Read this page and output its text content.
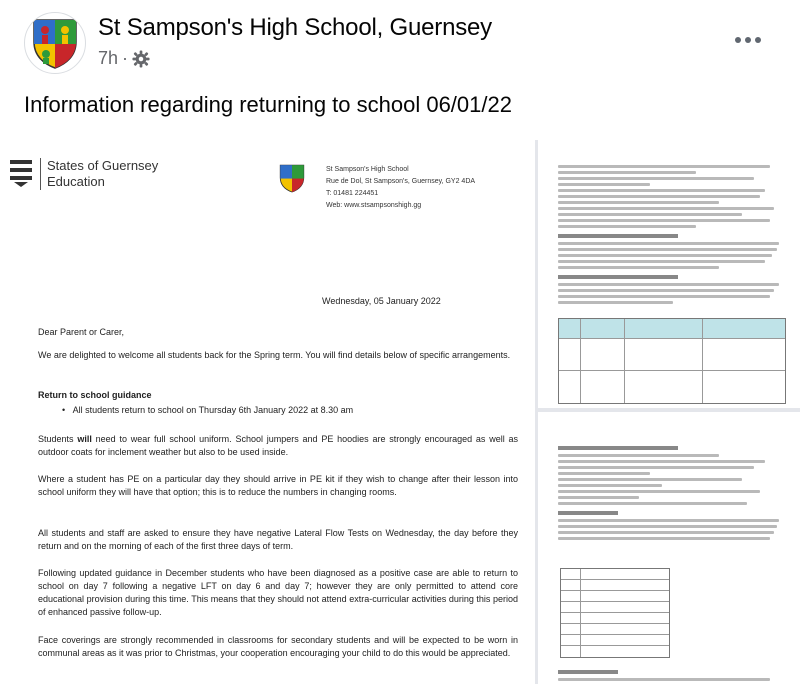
St Sampson's High School, Guernsey
7h ·
Information regarding returning to school 06/01/22
States of Guernsey
Education
St Sampson's High School
Rue de Dol, St Sampson's, Guernsey, GY2 4DA
T: 01481 224451
Web: www.stsampsonshigh.gg
Wednesday, 05 January 2022
Dear Parent or Carer,
We are delighted to welcome all students back for the Spring term. You will find details below of specific arrangements.
Return to school guidance
•   All students return to school on Thursday 6th January 2022 at 8.30 am
Students will need to wear full school uniform. School jumpers and PE hoodies are strongly encouraged as well as outdoor coats for inclement weather but also to be used inside.
Where a student has PE on a particular day they should arrive in PE kit if they wish to change after their lesson into school uniform they will have that option; this is to reduce the numbers in changing rooms.
All students and staff are asked to ensure they have negative Lateral Flow Tests on Wednesday, the day before they return and on the morning of each of the first three days of term.
Following updated guidance in December students who have been diagnosed as a positive case are able to return to school on day 7 following a negative LFT on day 6 and day 7; however they are only permitted to attend core educational provision during this time. This means that they should not attend extra-curricular activities during this period of enhanced passive follow-up.
Face coverings are strongly recommended in classrooms for secondary students and will be expected to be worn in communal areas as it was prior to Christmas, your cooperation encouraging your child to do this would be appreciated.
